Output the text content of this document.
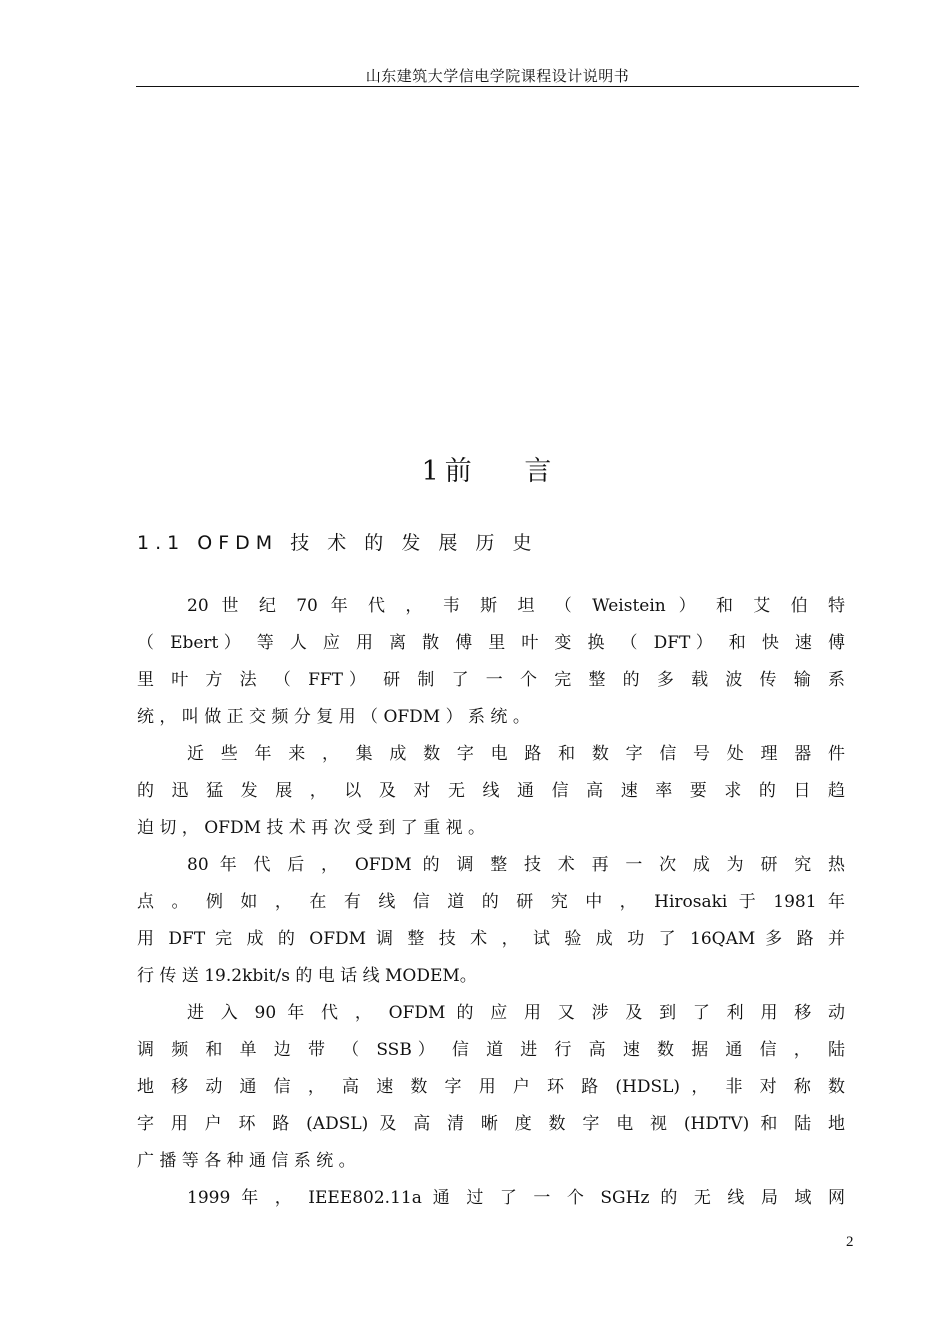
山东建筑大学信电学院课程设计说明书
1 前 言
1.1 OFDM 技 术 的 发 展 历 史
20 世 纪 70 年 代 ， 韦 斯 坦 （ Weistein ） 和 艾 伯 特
（ Ebert） 等 人 应 用 离 散 傅 里 叶 变 换 （ DFT） 和 快 速 傅
里 叶 方 法 （ FFT） 研 制 了 一 个 完 整 的 多 载 波 传 输 系
统 ， 叫 做 正 交 频 分 复 用 （ OFDM ） 系 统 。
近 些 年 来 ， 集 成 数 字 电 路 和 数 字 信 号 处 理 器 件
的 迅 猛 发 展 ， 以 及 对 无 线 通 信 高 速 率 要 求 的 日 趋
迫 切 ， OFDM 技 术 再 次 受 到 了 重 视 。
80 年 代 后 ， OFDM 的 调 整 技 术 再 一 次 成 为 研 究 热
点 。 例 如 ， 在 有 线 信 道 的 研 究 中 ， Hirosaki 于 1981 年
用 DFT 完 成 的 OFDM 调 整 技 术 ， 试 验 成 功 了 16QAM 多 路 并
行 传 送 19.2kbit/s 的 电 话 线 MODEM。
进 入 90 年 代 ， OFDM 的 应 用 又 涉 及 到 了 利 用 移 动
调 频 和 单 边 带 （ SSB） 信 道 进 行 高 速 数 据 通 信 ， 陆
地 移 动 通 信 ， 高 速 数 字 用 户 环 路 (HDSL) ， 非 对 称 数
字 用 户 环 路 (ADSL) 及 高 清 晰 度 数 字 电 视 (HDTV) 和 陆 地
广 播 等 各 种 通 信 系 统 。
1999 年 ， IEEE802.11a 通 过 了 一 个 SGHz 的 无 线 局 域 网
2
